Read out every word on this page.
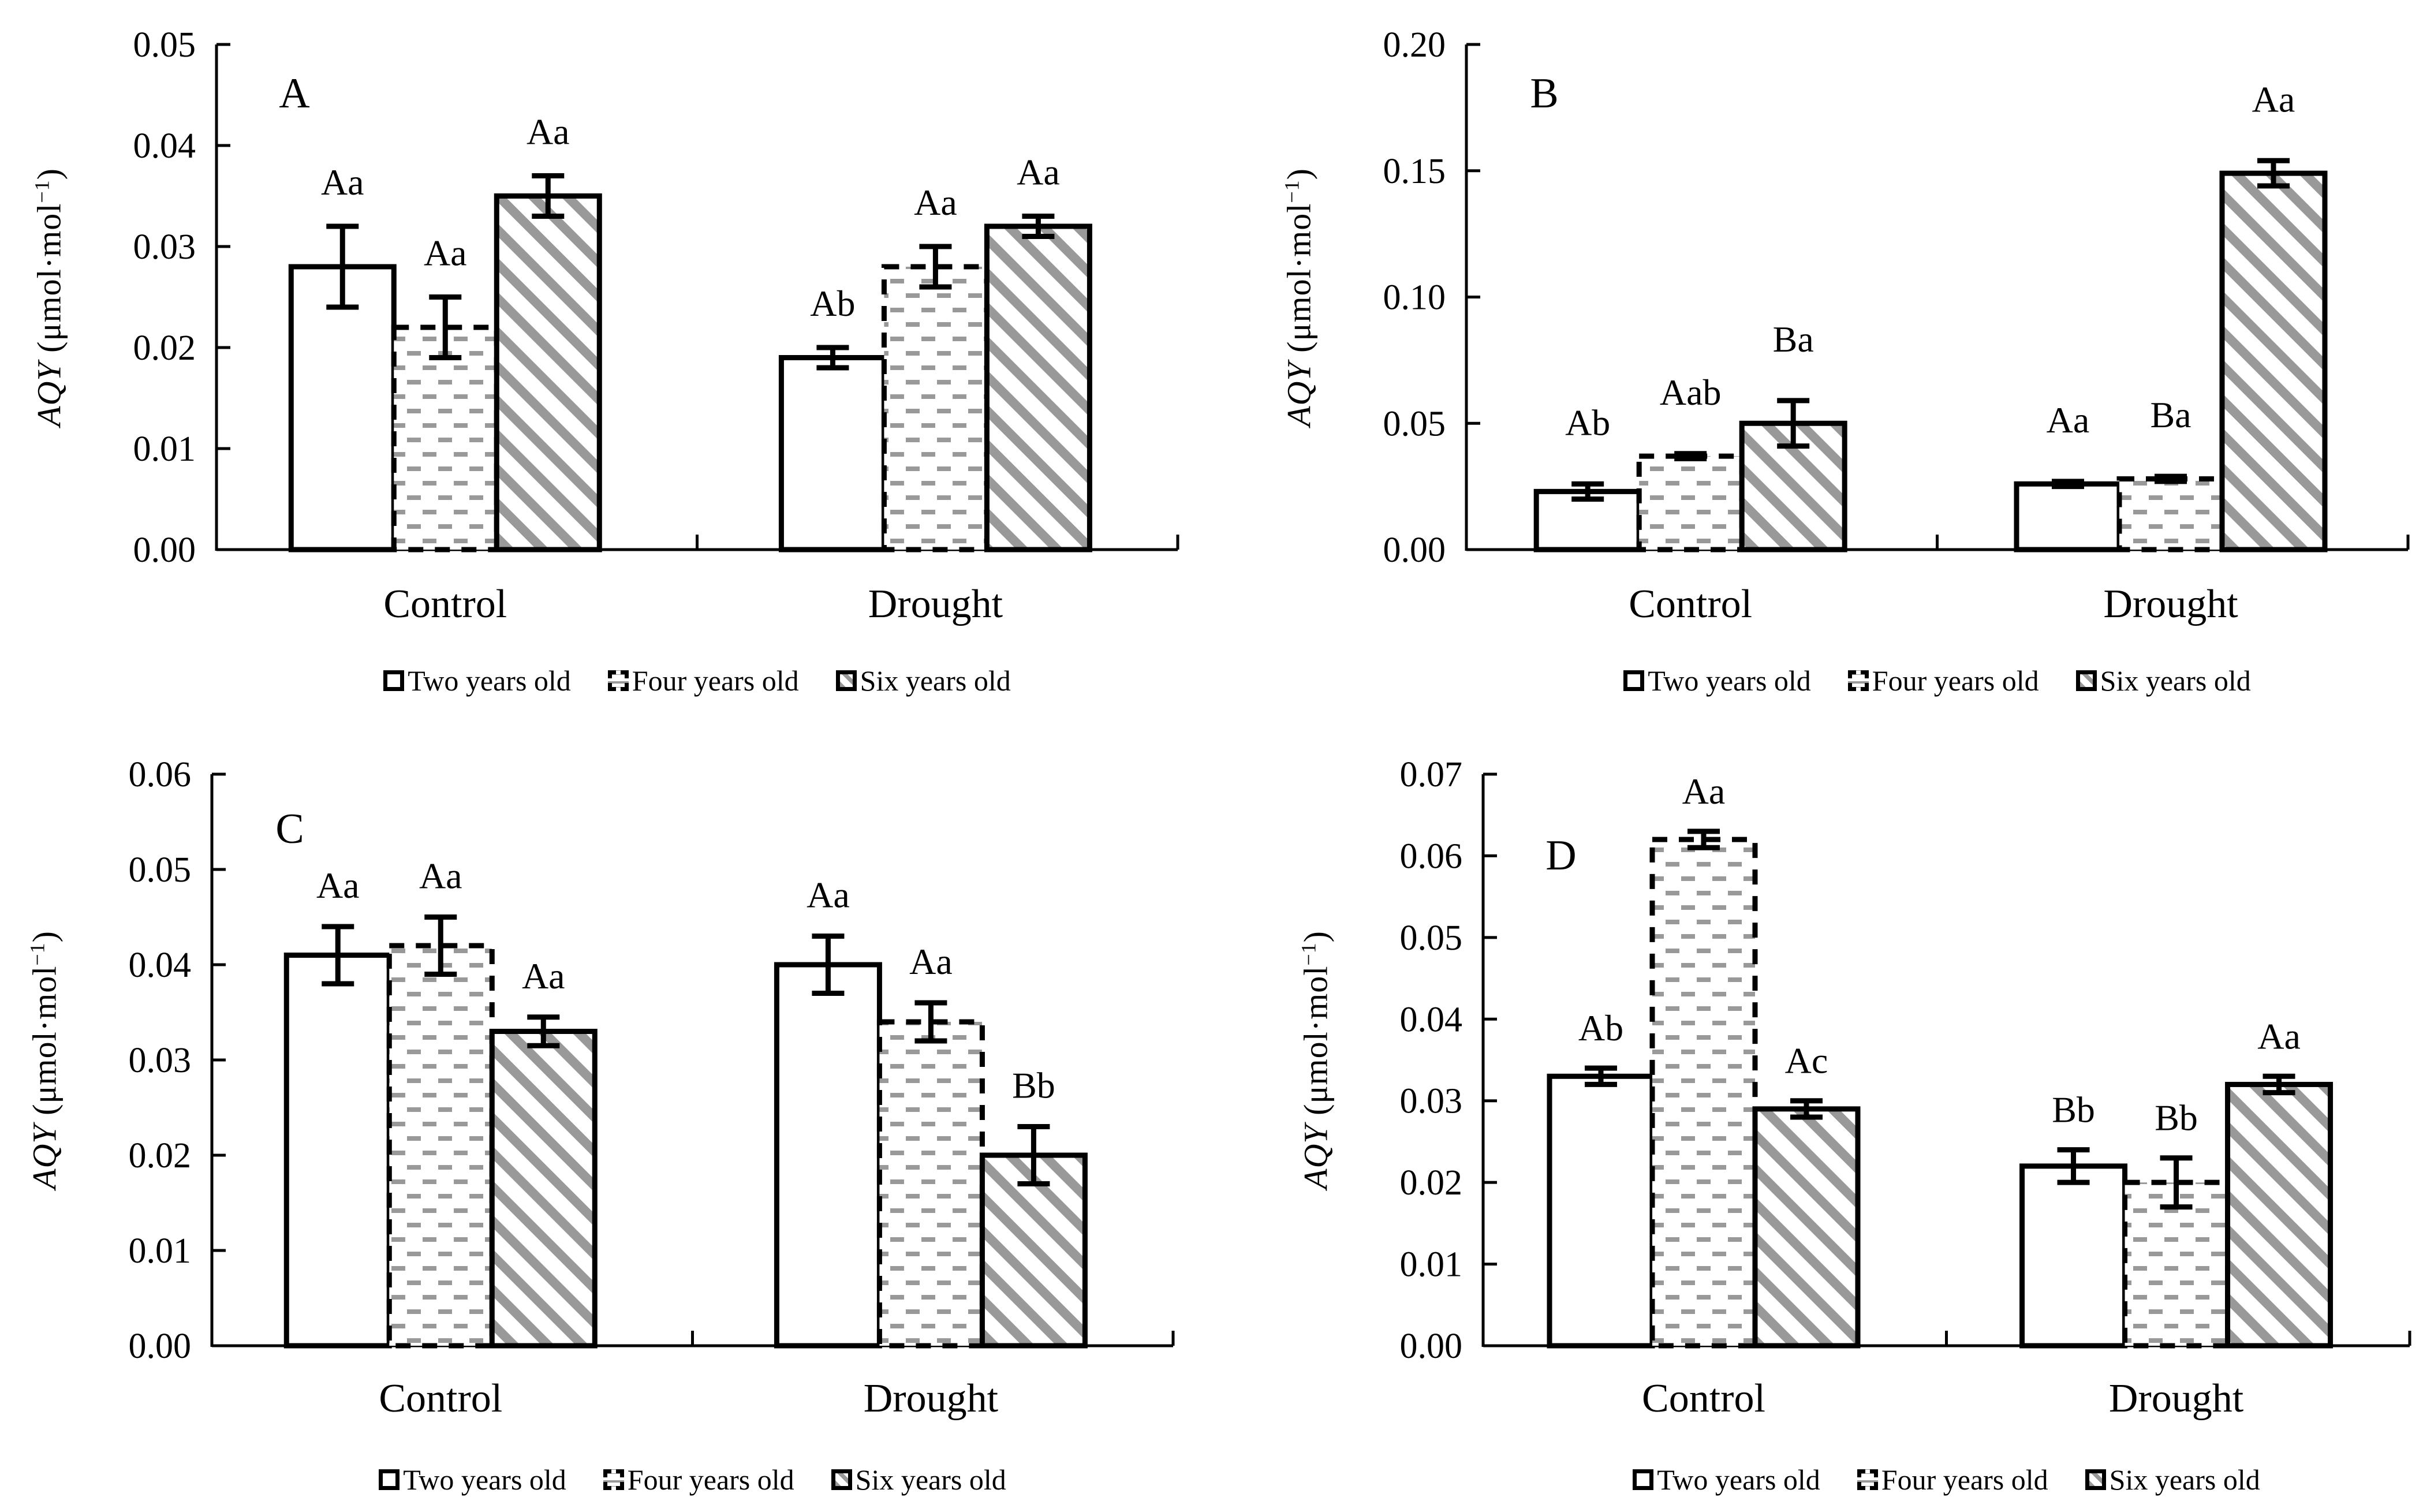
AQY (μmol·mol$^{-1}$)
0.00
0.01
0.02
0.03
0.04
0.05
Aa
Aa
Aa
Control
Ab
Aa
Aa
Drought
A
Two years old Four years old Six years old
AQY (μmol·mol$^{-1}$)
0.00
0.05
0.10
0.15
0.20
Ab
Aab
Ba
Control
Aa Ba
Aa
Drought
B
Two years old Four years old Six years old
AQY (μmol·mol$^{-1}$)
0.00
0.01
0.02
0.03
0.04
0.05
0.06
Aa Aa
Aa
Control
Aa
Aa
Bb
Drought
C
Two years old Four years old Six years old
AQY (μmol·mol$^{-1}$)
0.00
0.01
0.02
0.03
0.04
0.05
0.06
0.07
Ab
Aa
Ac
Control
Bb Bb
Aa
Drought
D
Two years old Four years old Six years old
